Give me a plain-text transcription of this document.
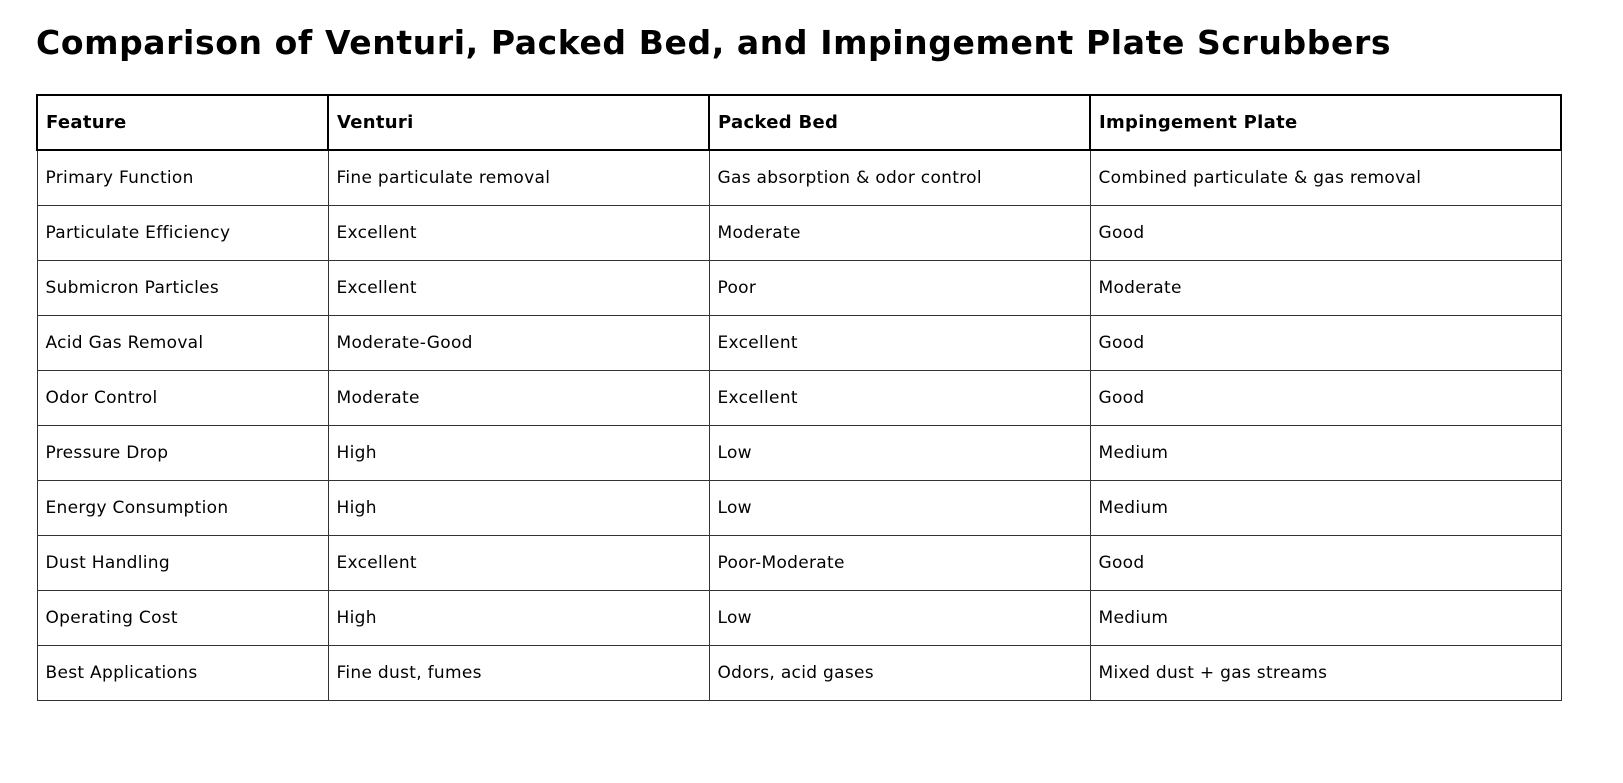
Comparison of Venturi, Packed Bed, and Impingement Plate Scrubbers
Feature	Venturi	Packed Bed	Impingement Plate
Primary Function	Fine particulate removal	Gas absorption & odor control	Combined particulate & gas removal
Particulate Efficiency	Excellent	Moderate	Good
Submicron Particles	Excellent	Poor	Moderate
Acid Gas Removal	Moderate-Good	Excellent	Good
Odor Control	Moderate	Excellent	Good
Pressure Drop	High	Low	Medium
Energy Consumption	High	Low	Medium
Dust Handling	Excellent	Poor-Moderate	Good
Operating Cost	High	Low	Medium
Best Applications	Fine dust, fumes	Odors, acid gases	Mixed dust + gas streams
